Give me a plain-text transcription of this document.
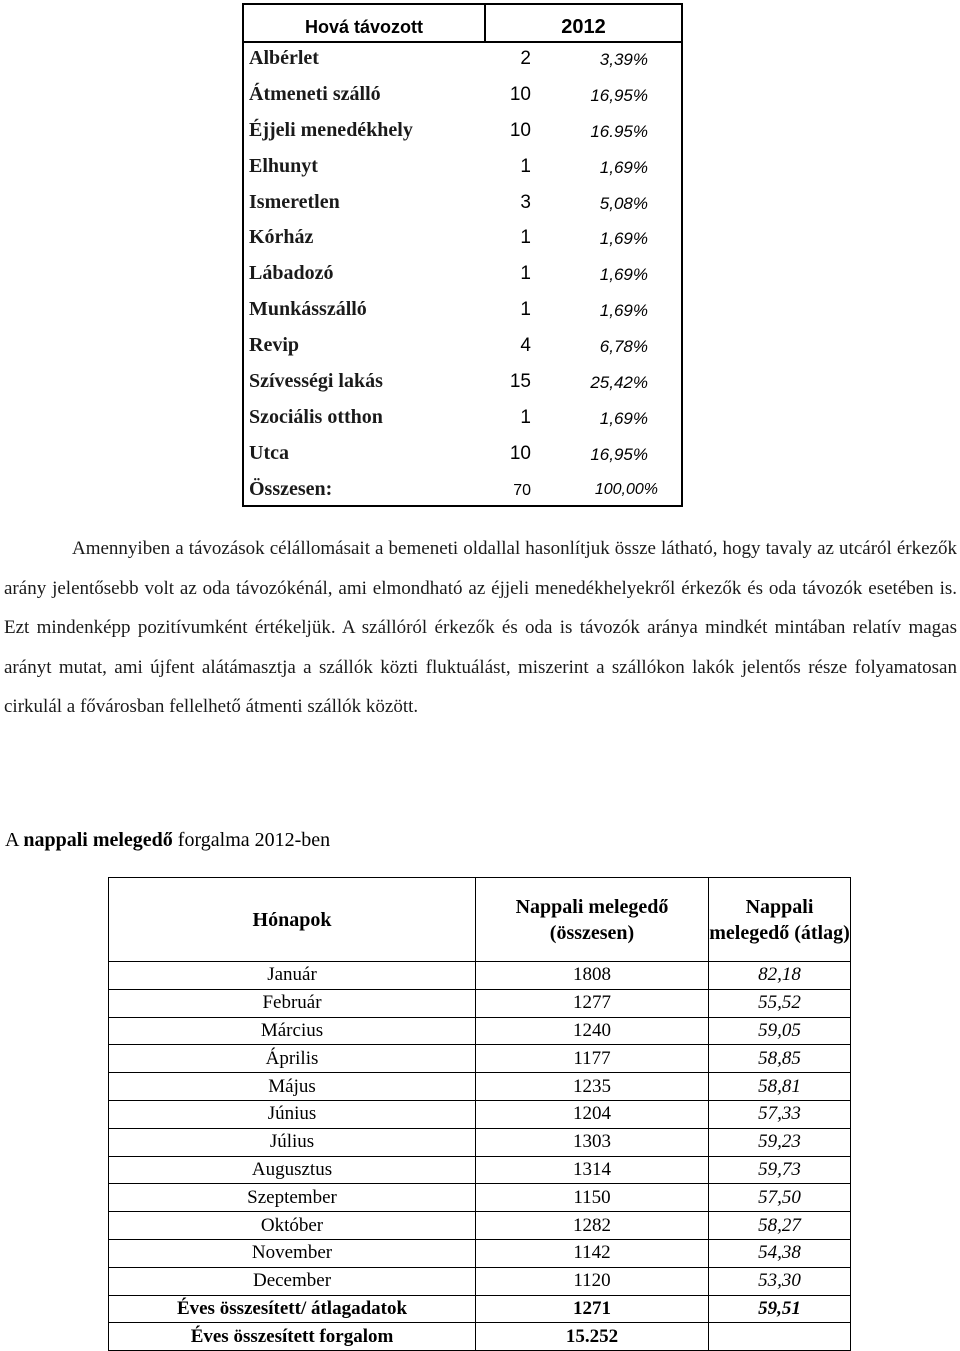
Hová távozott	2012
Albérlet	2	3,39%
Átmeneti szálló	10	16,95%
Éjjeli menedékhely	10	16.95%
Elhunyt	1	1,69%
Ismeretlen	3	5,08%
Kórház	1	1,69%
Lábadozó	1	1,69%
Munkásszálló	1	1,69%
Revip	4	6,78%
Szívességi lakás	15	25,42%
Szociális otthon	1	1,69%
Utca	10	16,95%
Összesen:	70	100,00%

Amennyiben a távozások célállomásait a bemeneti oldallal hasonlítjuk össze látható, hogy tavaly az utcáról érkezők arány jelentősebb volt az oda távozókénál, ami elmondható az éjjeli menedékhelyekről érkezők és oda távozók esetében is. Ezt mindenképp pozitívumként értékeljük. A szállóról érkezők és oda is távozók aránya mindkét mintában relatív magas arányt mutat, ami újfent alátámasztja a szállók közti fluktuálást, miszerint a szállókon lakók jelentős része folyamatosan cirkulál a fővárosban fellelhető átmenti szállók között.

A nappali melegedő forgalma 2012-ben
Hónapok	Nappali melegedő (összesen)	Nappali melegedő (átlag)
Január	1808	82,18
Február	1277	55,52
Március	1240	59,05
Április	1177	58,85
Május	1235	58,81
Június	1204	57,33
Július	1303	59,23
Augusztus	1314	59,73
Szeptember	1150	57,50
Október	1282	58,27
November	1142	54,38
December	1120	53,30
Éves összesített/ átlagadatok	1271	59,51
Éves összesített forgalom	15.252	
